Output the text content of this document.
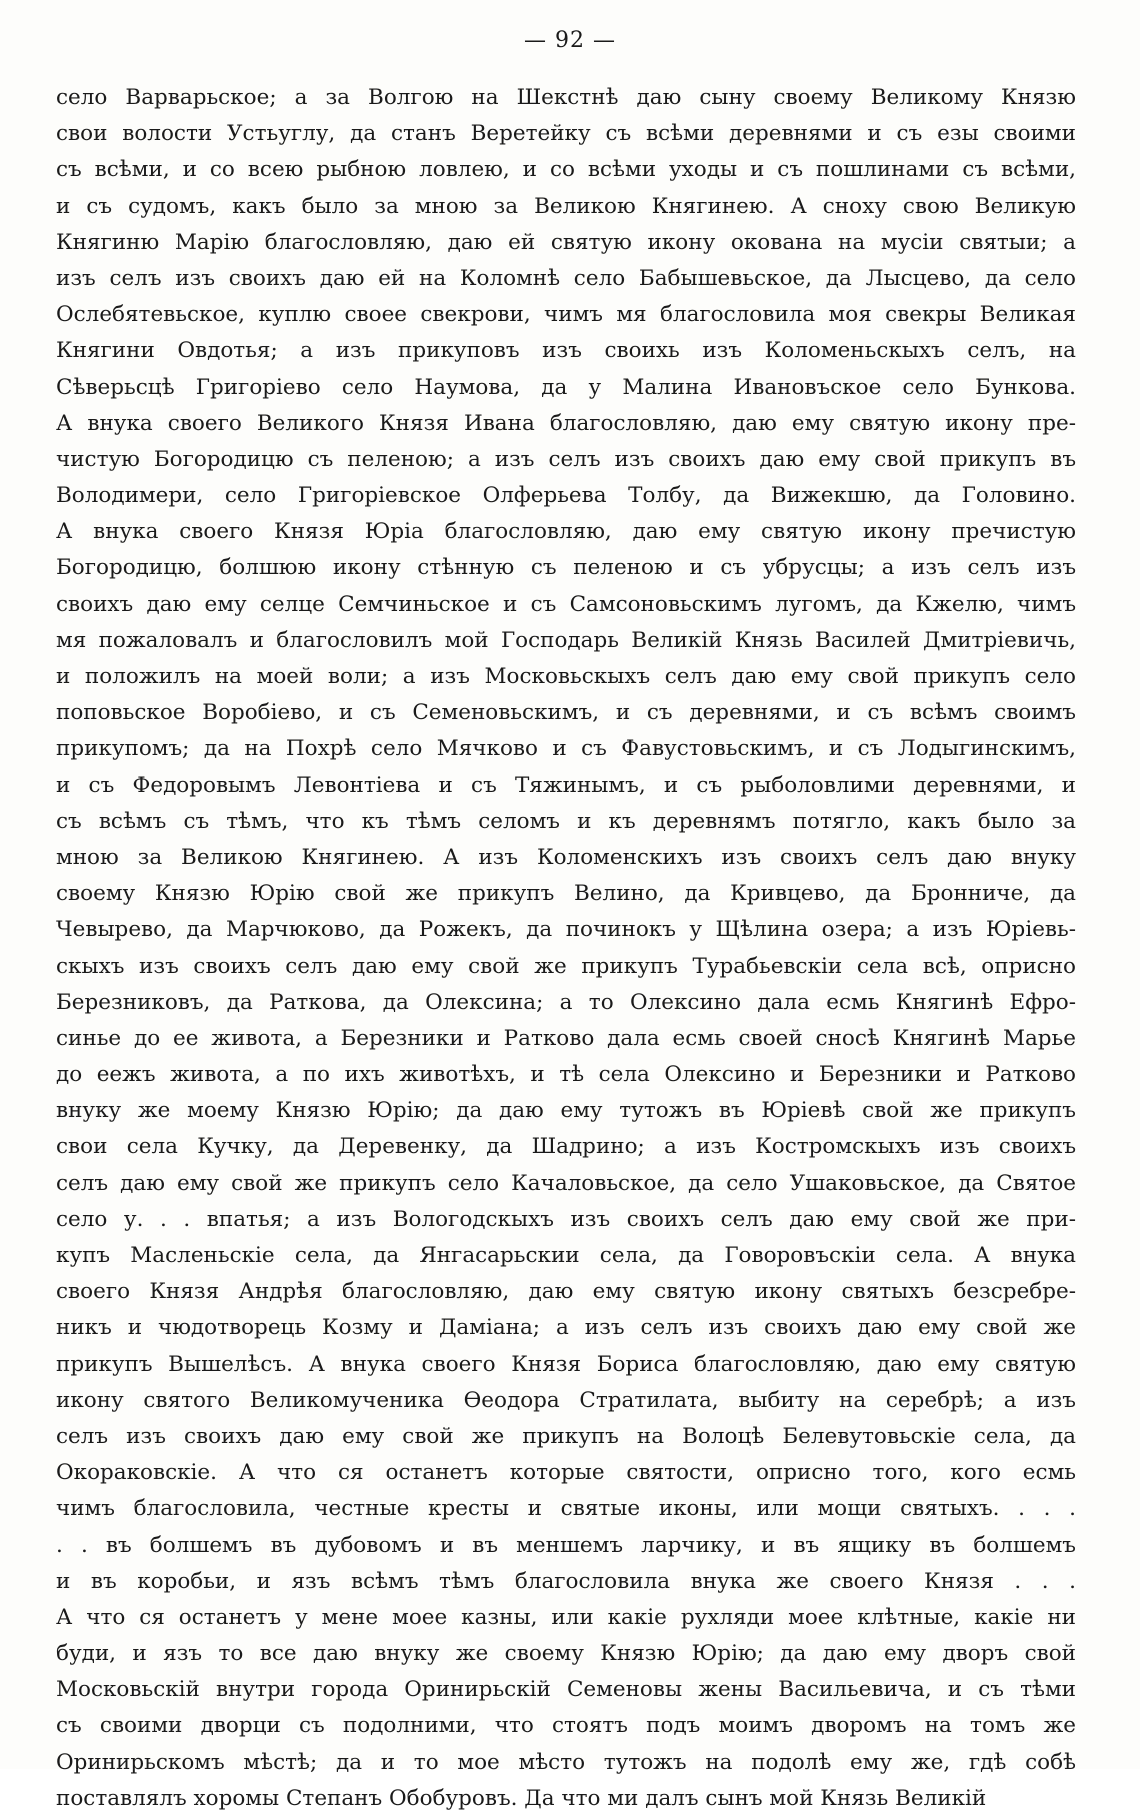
— 92 —
село Варварьское; а за Волгою на Шекстнѣ даю сыну своему Великому Князю
свои волости Устьуглу, да станъ Веретейку съ всѣми деревнями и съ езы своими
съ всѣми, и со всею рыбною ловлею, и со всѣми уходы и съ пошлинами съ всѣми,
и съ судомъ, какъ было за мною за Великою Княгинею. А сноху свою Великую
Княгиню Марію благословляю, даю ей святую икону окована на мусіи святыи; а
изъ селъ изъ своихъ даю ей на Коломнѣ село Бабышевьское, да Лысцево, да село
Ослебятевьское, куплю своее свекрови, чимъ мя благословила моя свекры Великая
Княгини Овдотья; а изъ прикуповъ изъ своихь изъ Коломеньскыхъ селъ, на
Сѣверьсцѣ Григоріево село Наумова, да у Малина Ивановъское село Бункова.
А внука своего Великого Князя Ивана благословляю, даю ему святую икону пре-
чистую Богородицю съ пеленою; а изъ селъ изъ своихъ даю ему свой прикупъ въ
Володимери, село Григоріевское Олферьева Толбу, да Вижекшю, да Головино.
А внука своего Князя Юріа благословляю, даю ему святую икону пречистую
Богородицю, болшюю икону стѣнную съ пеленою и съ убрусцы; а изъ селъ изъ
своихъ даю ему селце Семчиньское и съ Самсоновьскимъ лугомъ, да Кжелю, чимъ
мя пожаловалъ и благословилъ мой Господарь Великій Князь Василей Дмитріевичь,
и положилъ на моей воли; а изъ Московьскыхъ селъ даю ему свой прикупъ село
поповьское Воробіево, и съ Семеновьскимъ, и съ деревнями, и съ всѣмъ своимъ
прикупомъ; да на Похрѣ село Мячково и съ Фавустовьскимъ, и съ Лодыгинскимъ,
и съ Федоровымъ Левонтіева и съ Тяжинымъ, и съ рыболовлими деревнями, и
съ всѣмъ съ тѣмъ, что къ тѣмъ селомъ и къ деревнямъ потягло, какъ было за
мною за Великою Княгинею. А изъ Коломенскихъ изъ своихъ селъ даю внуку
своему Князю Юрію свой же прикупъ Велино, да Кривцево, да Бронниче, да
Чевырево, да Марчюково, да Рожекъ, да починокъ у Щѣлина озера; а изъ Юріевь-
скыхъ изъ своихъ селъ даю ему свой же прикупъ Турабьевскіи села всѣ, оприсно
Березниковъ, да Раткова, да Олексина; а то Олексино дала есмь Княгинѣ Ефро-
синье до ее живота, а Березники и Ратково дала есмь своей сносѣ Княгинѣ Марье
до еежъ живота, а по ихъ животѣхъ, и тѣ села Олексино и Березники и Ратково
внуку же моему Князю Юрію; да даю ему тутожъ въ Юріевѣ свой же прикупъ
свои села Кучку, да Деревенку, да Шадрино; а изъ Костромскыхъ изъ своихъ
селъ даю ему свой же прикупъ село Качаловьское, да село Ушаковьское, да Святое
село у. . . впатья; а изъ Вологодскыхъ изъ своихъ селъ даю ему свой же при-
купъ Масленьскіе села, да Янгасарьскии села, да Говоровъскіи села. А внука
своего Князя Андрѣя благословляю, даю ему святую икону святыхъ безсребре-
никъ и чюдотворець Козму и Даміана; а изъ селъ изъ своихъ даю ему свой же
прикупъ Вышелѣсъ. А внука своего Князя Бориса благословляю, даю ему святую
икону святого Великомученика Ѳеодора Стратилата, выбиту на серебрѣ; а изъ
селъ изъ своихъ даю ему свой же прикупъ на Волоцѣ Белевутовьскіе села, да
Окораковскіе. А что ся останетъ которые святости, оприсно того, кого есмь
чимъ благословила, честные кресты и святые иконы, или мощи святыхъ. . . .
. . въ болшемъ въ дубовомъ и въ меншемъ ларчику, и въ ящику въ болшемъ
и въ коробьи, и язъ всѣмъ тѣмъ благословила внука же своего Князя . . .
А что ся останетъ у мене моее казны, или какіе рухляди моее клѣтные, какіе ни
буди, и язъ то все даю внуку же своему Князю Юрію; да даю ему дворъ свой
Московьскій внутри города Оринирьскій Семеновы жены Васильевича, и съ тѣми
съ своими дворци съ подолними, что стоятъ подъ моимъ дворомъ на томъ же
Оринирьскомъ мѣстѣ; да и то мое мѣсто тутожъ на подолѣ ему же, гдѣ собѣ
поставлялъ хоромы Степанъ Обобуровъ. Да что ми далъ сынъ мой Князь Великій
